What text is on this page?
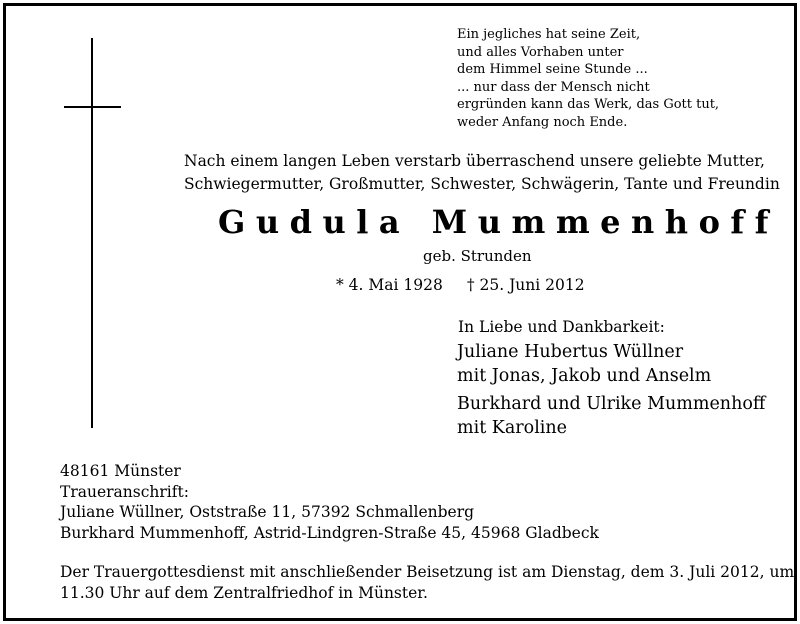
Ein jegliches hat seine Zeit,
und alles Vorhaben unter
dem Himmel seine Stunde ...
... nur dass der Mensch nicht
ergründen kann das Werk, das Gott tut,
weder Anfang noch Ende.
Nach einem langen Leben verstarb überraschend unsere geliebte Mutter,
Schwiegermutter, Großmutter, Schwester, Schwägerin, Tante und Freundin
Gudula Mummenhoff
geb. Strunden
* 4. Mai 1928 † 25. Juni 2012
In Liebe und Dankbarkeit:
Juliane Hubertus Wüllner
mit Jonas, Jakob und Anselm
Burkhard und Ulrike Mummenhoff
mit Karoline
48161 Münster
Traueranschrift:
Juliane Wüllner, Oststraße 11, 57392 Schmallenberg
Burkhard Mummenhoff, Astrid-Lindgren-Straße 45, 45968 Gladbeck
Der Trauergottesdienst mit anschließender Beisetzung ist am Dienstag, dem 3. Juli 2012, um
11.30 Uhr auf dem Zentralfriedhof in Münster.
